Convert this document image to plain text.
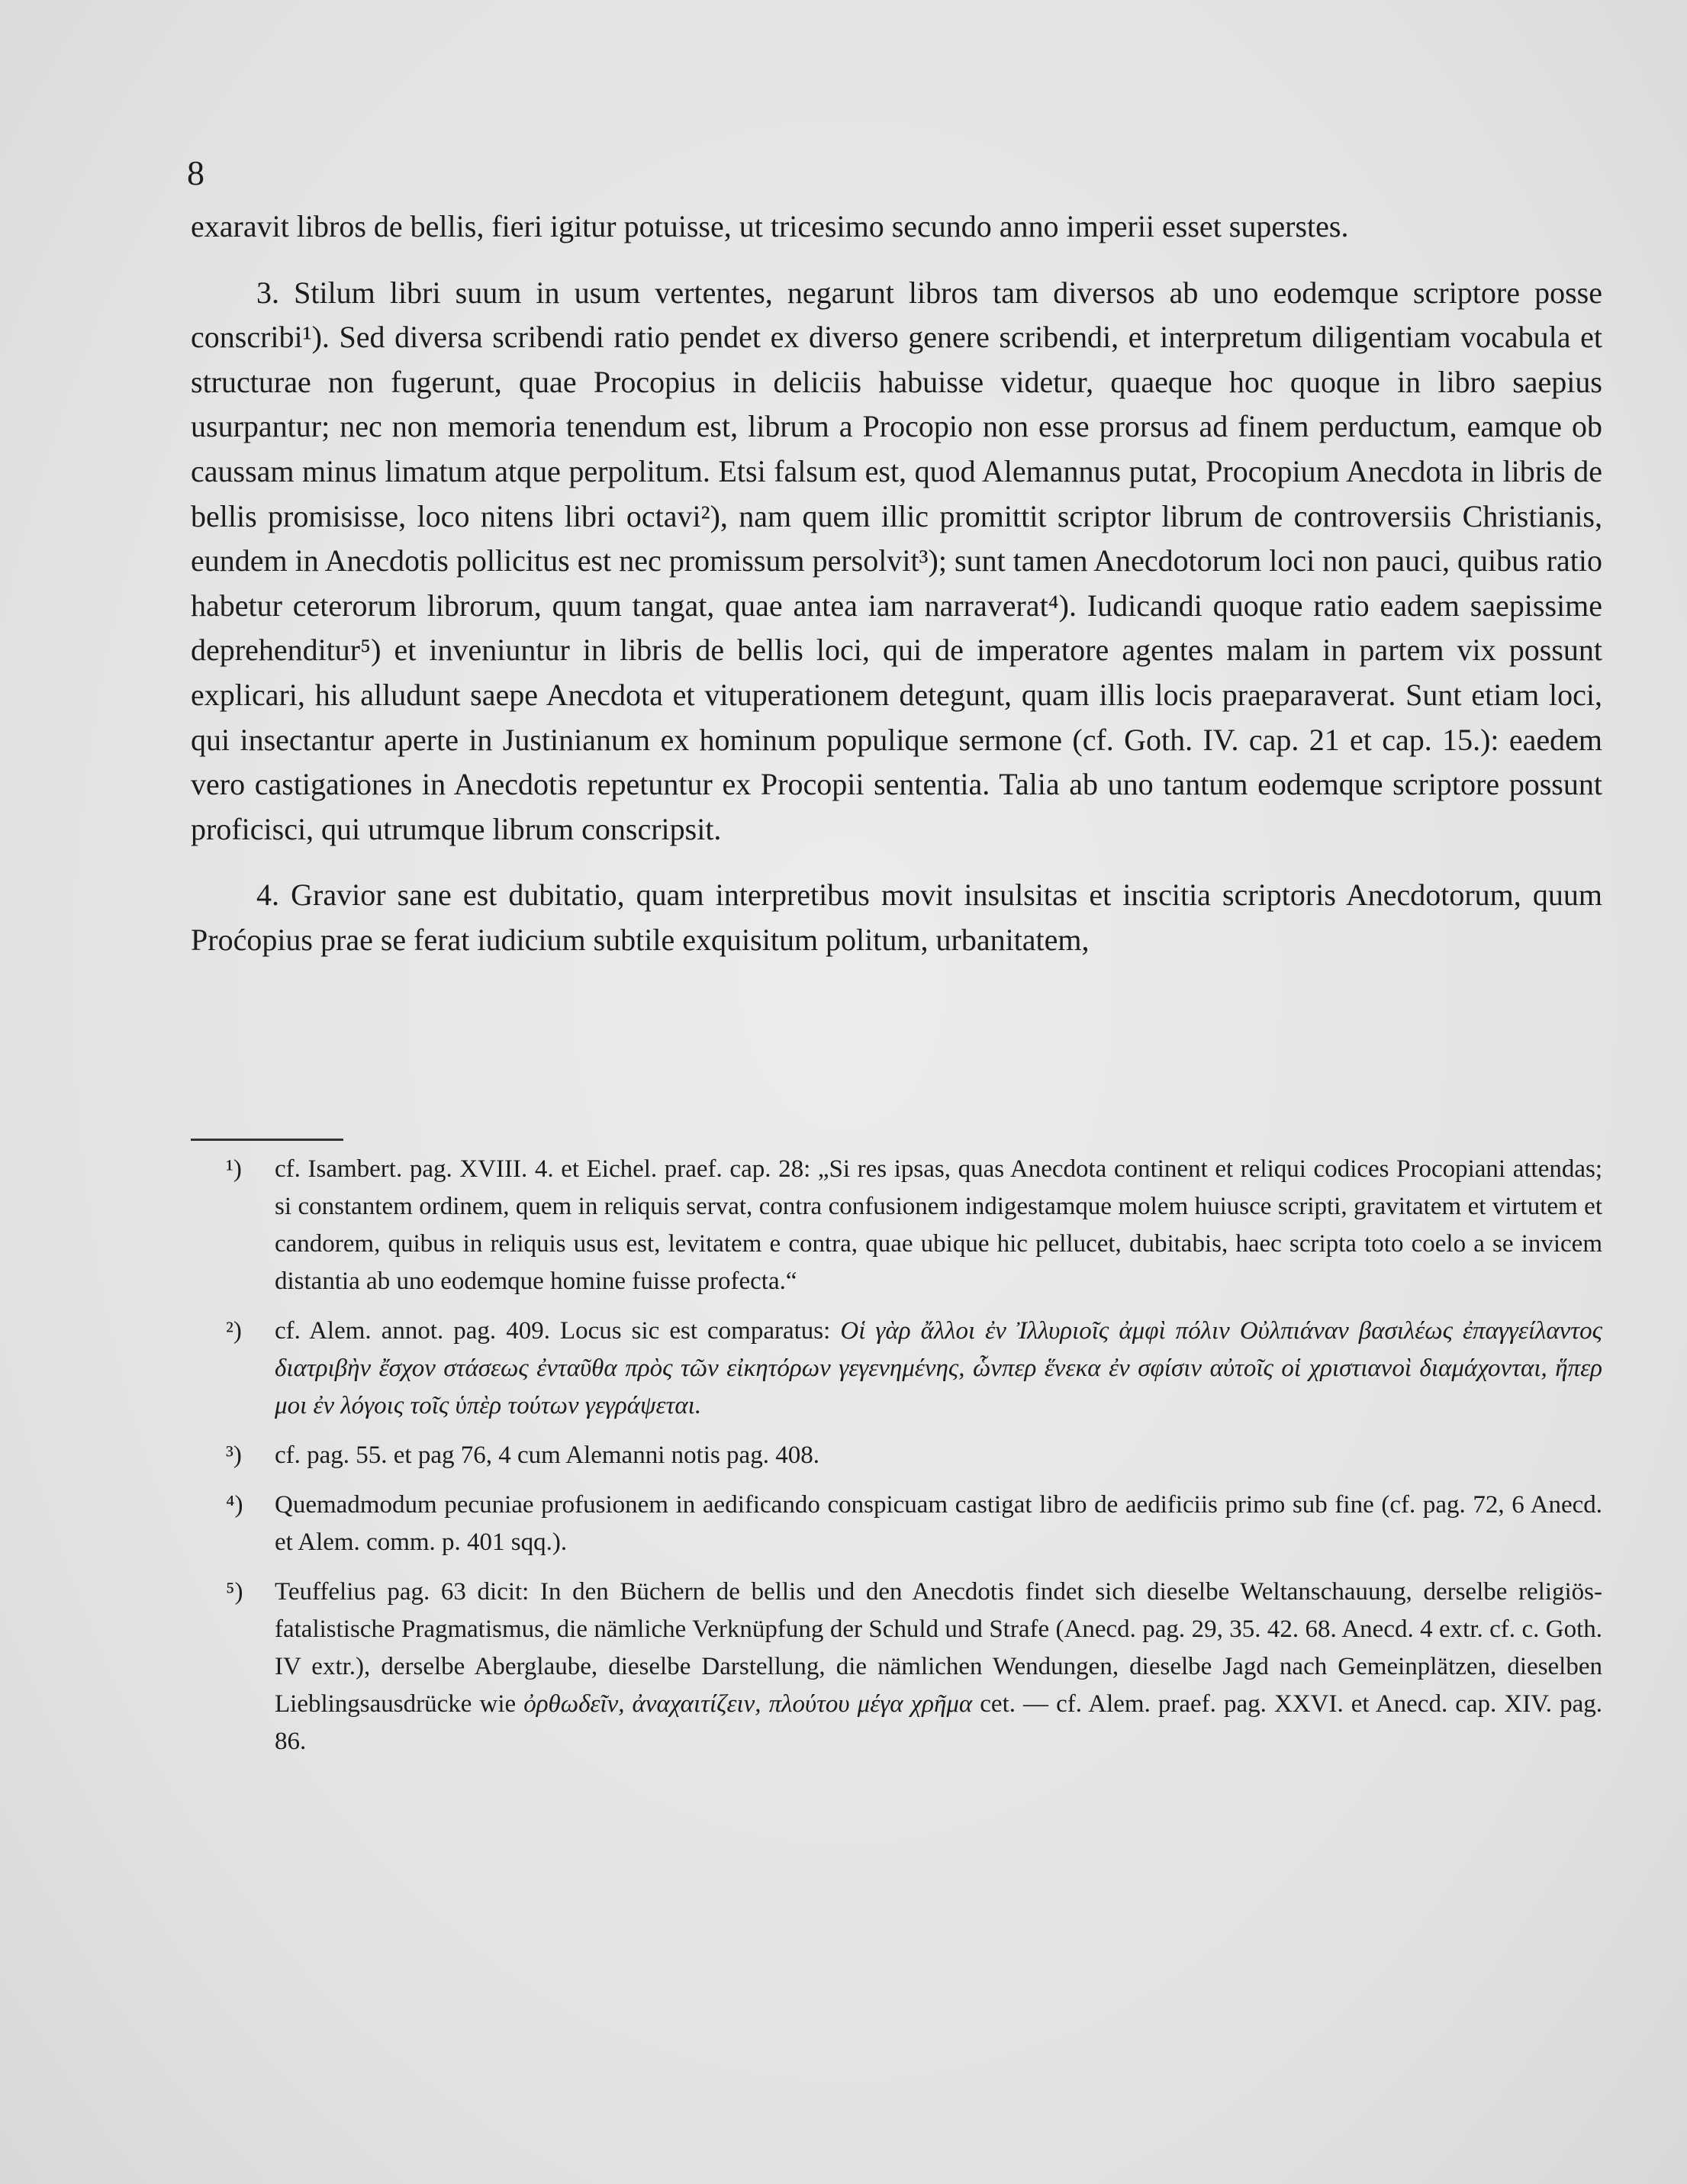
8

exaravit libros de bellis, fieri igitur potuisse, ut tricesimo secundo anno imperii esset superstes.

3. Stilum libri suum in usum vertentes, negarunt libros tam diversos ab uno eodemque scriptore posse conscribi¹). Sed diversa scribendi ratio pendet ex diverso genere scribendi, et interpretum diligentiam vocabula et structurae non fugerunt, quae Procopius in deliciis habuisse videtur, quaeque hoc quoque in libro saepius usurpantur; nec non memoria tenendum est, librum a Procopio non esse prorsus ad finem perductum, eamque ob caussam minus limatum atque perpolitum. Etsi falsum est, quod Alemannus putat, Procopium Anecdota in libris de bellis promisisse, loco nitens libri octavi²), nam quem illic promittit scriptor librum de controversiis Christianis, eundem in Anecdotis pollicitus est nec promissum persolvit³); sunt tamen Anecdotorum loci non pauci, quibus ratio habetur ceterorum librorum, quum tangat, quae antea iam narraverat⁴). Iudicandi quoque ratio eadem saepissime deprehenditur⁵) et inveniuntur in libris de bellis loci, qui de imperatore agentes malam in partem vix possunt explicari, his alludunt saepe Anecdota et vituperationem detegunt, quam illis locis praeparaverat. Sunt etiam loci, qui insectantur aperte in Justinianum ex hominum populique sermone (cf. Goth. IV. cap. 21 et cap. 15.): eaedem vero castigationes in Anecdotis repetuntur ex Procopii sententia. Talia ab uno tantum eodemque scriptore possunt proficisci, qui utrumque librum conscripsit.

4. Gravior sane est dubitatio, quam interpretibus movit insulsitas et inscitia scriptoris Anecdotorum, quum Proćopius prae se ferat iudicium subtile exquisitum politum, urbanitatem,

¹) cf. Isambert. pag. XVIII. 4. et Eichel. praef. cap. 28: „Si res ipsas, quas Anecdota continent et reliqui codices Procopiani attendas; si constantem ordinem, quem in reliquis servat, contra confusionem indigestamque molem huiusce scripti, gravitatem et virtutem et candorem, quibus in reliquis usus est, levitatem e contra, quae ubique hic pellucet, dubitabis, haec scripta toto coelo a se invicem distantia ab uno eodemque homine fuisse profecta.“
²) cf. Alem. annot. pag. 409. Locus sic est comparatus: Οἱ γὰρ ἄλλοι ἐν Ἰλλυριοῖς ἀμφὶ πόλιν Οὐλπιάναν βασιλέως ἐπαγγείλαντος διατριβὴν ἔσχον στάσεως ἐνταῦθα πρὸς τῶν εἰκητόρων γεγενημένης, ὧνπερ ἕνεκα ἐν σφίσιν αὐτοῖς οἱ χριστιανοὶ διαμάχονται, ἥπερ μοι ἐν λόγοις τοῖς ὑπὲρ τούτων γεγράψεται.
³) cf. pag. 55. et pag 76, 4 cum Alemanni notis pag. 408.
⁴) Quemadmodum pecuniae profusionem in aedificando conspicuam castigat libro de aedificiis primo sub fine (cf. pag. 72, 6 Anecd. et Alem. comm. p. 401 sqq.).
⁵) Teuffelius pag. 63 dicit: In den Büchern de bellis und den Anecdotis findet sich dieselbe Weltanschauung, derselbe religiös-fatalistische Pragmatismus, die nämliche Verknüpfung der Schuld und Strafe (Anecd. pag. 29, 35. 42. 68. Anecd. 4 extr. cf. c. Goth. IV extr.), derselbe Aberglaube, dieselbe Darstellung, die nämlichen Wendungen, dieselbe Jagd nach Gemeinplätzen, dieselben Lieblingsausdrücke wie ὀρθωδεῖν, ἀναχαιτίζειν, πλούτου μέγα χρῆμα cet. — cf. Alem. praef. pag. XXVI. et Anecd. cap. XIV. pag. 86.
